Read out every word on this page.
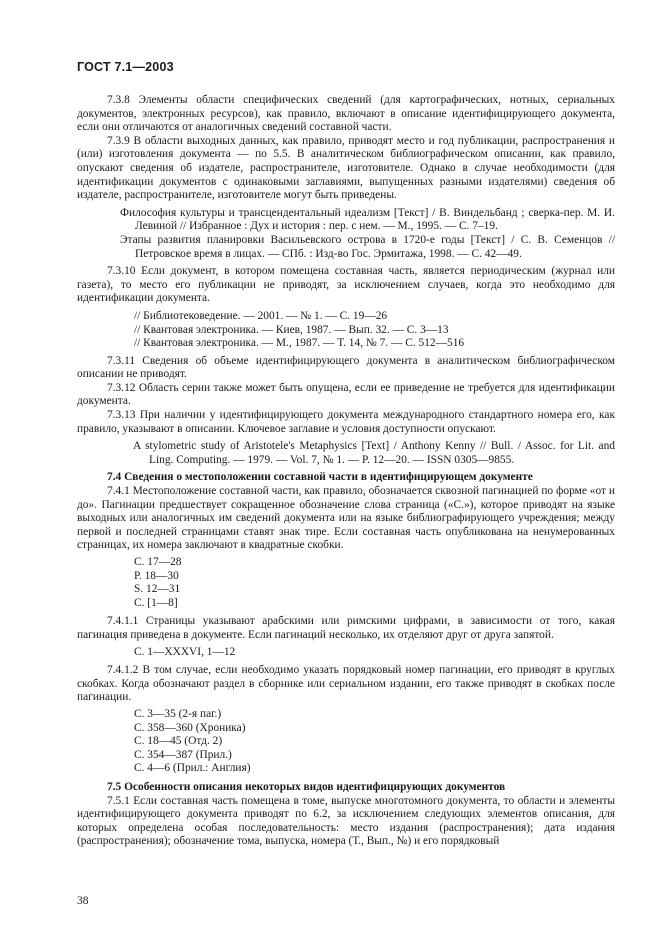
ГОСТ 7.1—2003

7.3.8 Элементы области специфических сведений (для картографических, нотных, сериальных документов, электронных ресурсов), как правило, включают в описание идентифицирующего документа, если они отличаются от аналогичных сведений составной части.

7.3.9 В области выходных данных, как правило, приводят место и год публикации, распространения и (или) изготовления документа — по 5.5. В аналитическом библиографическом описании, как правило, опускают сведения об издателе, распространителе, изготовителе. Однако в случае необходимости (для идентификации документов с одинаковыми заглавиями, выпущенных разными издателями) сведения об издателе, распространителе, изготовителе могут быть приведены.

Философия культуры и трансцендентальный идеализм [Текст] / В. Виндельбанд ; сверка-пер. М. И. Левиной // Избранное : Дух и история : пер. с нем. — М., 1995. — С. 7–19.
Этапы развития планировки Васильевского острова в 1720-е годы [Текст] / С. В. Семенцов // Петровское время в лицах. — СПб. : Изд-во Гос. Эрмитажа, 1998. — С. 42—49.

7.3.10 Если документ, в котором помещена составная часть, является периодическим (журнал или газета), то место его публикации не приводят, за исключением случаев, когда это необходимо для идентификации документа.

// Библиотековедение. — 2001. — № 1. — С. 19—26
// Квантовая электроника. — Киев, 1987. — Вып. 32. — С. 3—13
// Квантовая электроника. — М., 1987. — Т. 14, № 7. — С. 512—516

7.3.11 Сведения об объеме идентифицирующего документа в аналитическом библиографическом описании не приводят.

7.3.12 Область серии также может быть опущена, если ее приведение не требуется для идентификации документа.

7.3.13 При наличии у идентифицирующего документа международного стандартного номера его, как правило, указывают в описании. Ключевое заглавие и условия доступности опускают.

A stylometric study of Aristotele's Metaphysics [Text] / Anthony Kenny // Bull. / Assoc. for Lit. and Ling. Computing. — 1979. — Vol. 7, № 1. — P. 12—20. — ISSN 0305—9855.

7.4 Сведения о местоположении составной части в идентифицирующем документе

7.4.1 Местоположение составной части, как правило, обозначается сквозной пагинацией по форме «от и до». Пагинации предшествует сокращенное обозначение слова страница («С.»), которое приводят на языке выходных или аналогичных им сведений документа или на языке библиографирующего учреждения; между первой и последней страницами ставят знак тире. Если составная часть опубликована на ненумерованных страницах, их номера заключают в квадратные скобки.

С. 17—28
Р. 18—30
S. 12—31
С. [1—8]

7.4.1.1 Страницы указывают арабскими или римскими цифрами, в зависимости от того, какая пагинация приведена в документе. Если пагинаций несколько, их отделяют друг от друга запятой.

С. 1—XXXVI, 1—12

7.4.1.2 В том случае, если необходимо указать порядковый номер пагинации, его приводят в круглых скобках. Когда обозначают раздел в сборнике или сериальном издании, его также приводят в скобках после пагинации.

С. 3—35 (2-я паг.)
С. 358—360 (Хроника)
С. 18—45 (Отд. 2)
С. 354—387 (Прил.)
С. 4—6 (Прил.: Англия)

7.5 Особенности описания некоторых видов идентифицирующих документов

7.5.1 Если составная часть помещена в томе, выпуске многотомного документа, то области и элементы идентифицирующего документа приводят по 6.2, за исключением следующих элементов описания, для которых определена особая последовательность: место издания (распространения); дата издания (распространения); обозначение тома, выпуска, номера (Т., Вып., №) и его порядковый

38
